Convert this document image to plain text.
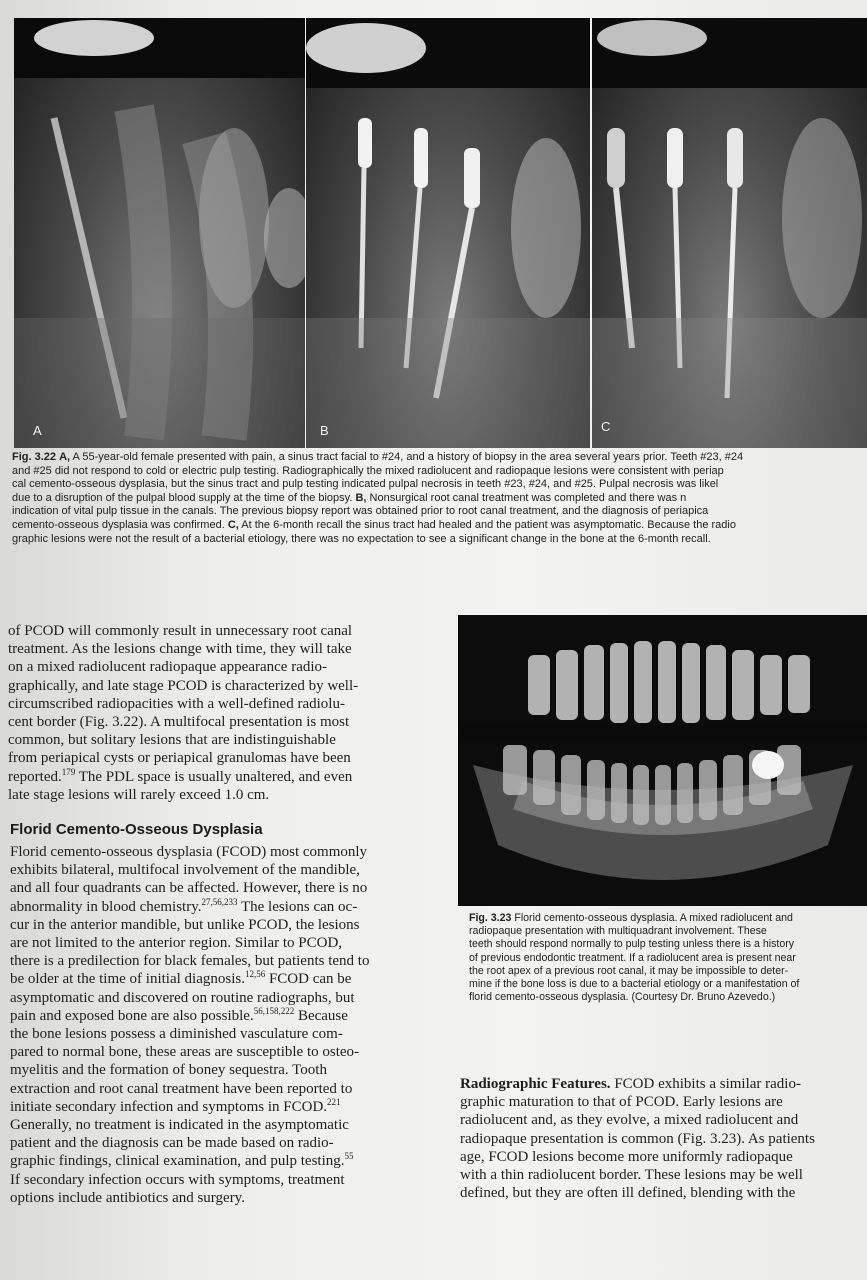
A	B	C
Fig. 3.22 A, A 55-year-old female presented with pain, a sinus tract facial to #24, and a history of biopsy in the area several years prior. Teeth #23, #24
and #25 did not respond to cold or electric pulp testing. Radiographically the mixed radiolucent and radiopaque lesions were consistent with periap
cal cemento-osseous dysplasia, but the sinus tract and pulp testing indicated pulpal necrosis in teeth #23, #24, and #25. Pulpal necrosis was likel
due to a disruption of the pulpal blood supply at the time of the biopsy. B, Nonsurgical root canal treatment was completed and there was n
indication of vital pulp tissue in the canals. The previous biopsy report was obtained prior to root canal treatment, and the diagnosis of periapica
cemento-osseous dysplasia was confirmed. C, At the 6-month recall the sinus tract had healed and the patient was asymptomatic. Because the radio
graphic lesions were not the result of a bacterial etiology, there was no expectation to see a significant change in the bone at the 6-month recall.
of PCOD will commonly result in unnecessary root canal
treatment. As the lesions change with time, they will take
on a mixed radiolucent radiopaque appearance radio-
graphically, and late stage PCOD is characterized by well-
circumscribed radiopacities with a well-defined radiolu-
cent border (Fig. 3.22). A multifocal presentation is most
common, but solitary lesions that are indistinguishable
from periapical cysts or periapical granulomas have been
reported.$^{179}$ The PDL space is usually unaltered, and even
late stage lesions will rarely exceed 1.0 cm.
Florid Cemento-Osseous Dysplasia
Florid cemento-osseous dysplasia (FCOD) most commonly
exhibits bilateral, multifocal involvement of the mandible,
and all four quadrants can be affected. However, there is no
abnormality in blood chemistry.$^{27,56,233}$ The lesions can oc-
cur in the anterior mandible, but unlike PCOD, the lesions
are not limited to the anterior region. Similar to PCOD,
there is a predilection for black females, but patients tend to
be older at the time of initial diagnosis.$^{12,56}$ FCOD can be
asymptomatic and discovered on routine radiographs, but
pain and exposed bone are also possible.$^{56,158,222}$ Because
the bone lesions possess a diminished vasculature com-
pared to normal bone, these areas are susceptible to osteo-
myelitis and the formation of boney sequestra. Tooth
extraction and root canal treatment have been reported to
initiate secondary infection and symptoms in FCOD.$^{221}$
Generally, no treatment is indicated in the asymptomatic
patient and the diagnosis can be made based on radio-
graphic findings, clinical examination, and pulp testing.$^{55}$
If secondary infection occurs with symptoms, treatment
options include antibiotics and surgery.
Fig. 3.23 Florid cemento-osseous dysplasia. A mixed radiolucent and
radiopaque presentation with multiquadrant involvement. These
teeth should respond normally to pulp testing unless there is a history
of previous endodontic treatment. If a radiolucent area is present near
the root apex of a previous root canal, it may be impossible to deter-
mine if the bone loss is due to a bacterial etiology or a manifestation of
florid cemento-osseous dysplasia. (Courtesy Dr. Bruno Azevedo.)
Radiographic Features. FCOD exhibits a similar radio-
graphic maturation to that of PCOD. Early lesions are
radiolucent and, as they evolve, a mixed radiolucent and
radiopaque presentation is common (Fig. 3.23). As patients
age, FCOD lesions become more uniformly radiopaque
with a thin radiolucent border. These lesions may be well
defined, but they are often ill defined, blending with the
